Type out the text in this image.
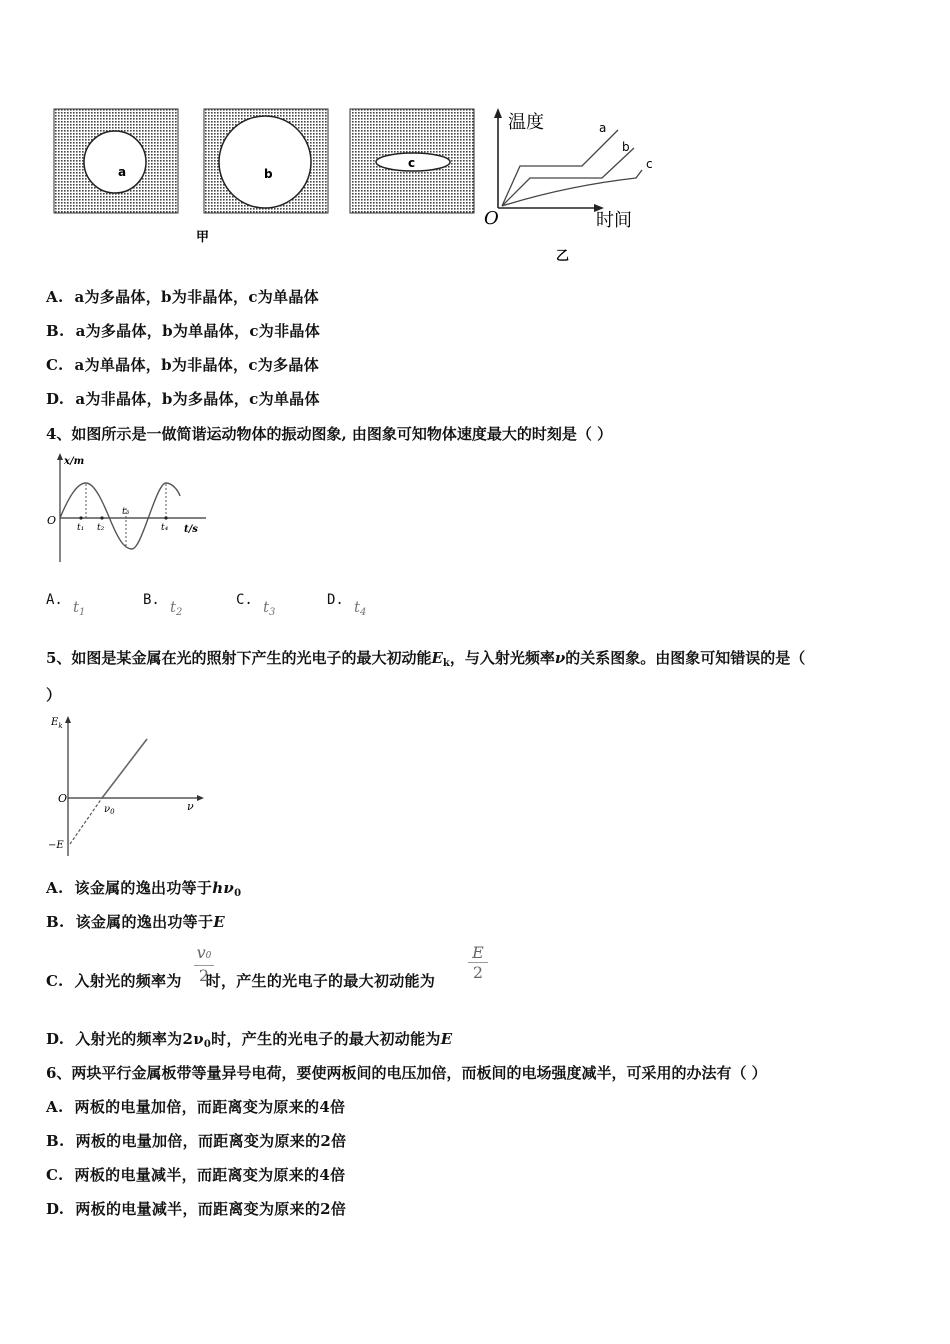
a	b
c
甲
温度
时间
O
a
b
c
乙
A. a为多晶体，b为非晶体，c为单晶体
B. a为多晶体，b为单晶体，c为非晶体
C. a为单晶体，b为非晶体，c为多晶体
D. a为非晶体，b为多晶体，c为单晶体
4、如图所示是一做简谐运动物体的振动图象, 由图象可知物体速度最大的时刻是（ ）
x/m
t/s
O
t₁ t₂
t₃
t₄
A. $t_1$
B. $t_2$
C. $t_3$
D. $t_4$
5、如图是某金属在光的照射下产生的光电子的最大初动能$E_k$，与入射光频率ν的关系图象。由图象可知错误的是（
）
$E_k$
ν
O
−E
$\nu_0$
A. 该金属的逸出功等于$h\nu_0$
B. 该金属的逸出功等于E
C. 入射光的频率为 时，产生的光电子的最大初动能为
v0
2	$\frac{E}{2}$
D. 入射光的频率为$2\nu_0$时，产生的光电子的最大初动能为E
6、两块平行金属板带等量异号电荷，要使两板间的电压加倍，而板间的电场强度减半，可采用的办法有（ ）
A. 两板的电量加倍，而距离变为原来的4倍
B. 两板的电量加倍，而距离变为原来的2倍
C. 两板的电量减半，而距离变为原来的4倍
D. 两板的电量减半，而距离变为原来的2倍
